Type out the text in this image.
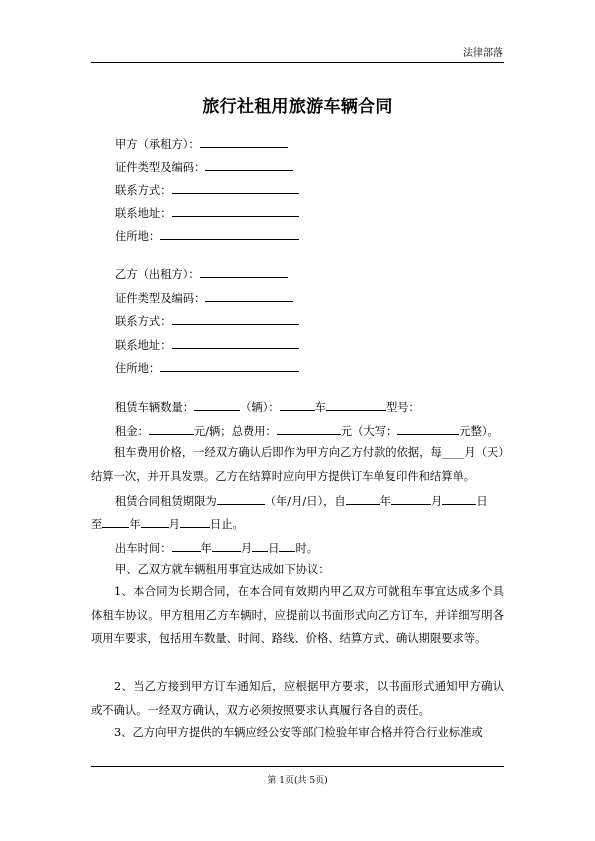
法律部落
旅行社租用旅游车辆合同
甲方（承租方）：
证件类型及编码：
联系方式：
联系地址：
住所地：
乙方（出租方）：
证件类型及编码：
联系方式：
联系地址：
住所地：
租赁车辆数量：	（辆）：	车	型号：
租金：	元/辆；总费用：	元（大写：	元整）。
租车费用价格，一经双方确认后即作为甲方向乙方付款的依据，每____月（天）结算一次，并开具发票。乙方在结算时应向甲方提供订车单复印件和结算单。
租赁合同租赁期限为	（年/月/日），自	年	月	日
至 年 月	日止。
出车时间：	年	月 日 时。
甲、乙双方就车辆租用事宜达成如下协议：
1、本合同为长期合同，在本合同有效期内甲乙双方可就租车事宜达成多个具体租车协议。甲方租用乙方车辆时，应提前以书面形式向乙方订车，并详细写明各项用车要求，包括用车数量、时间、路线、价格、结算方式、确认期限要求等。
2、当乙方接到甲方订车通知后，应根据甲方要求，以书面形式通知甲方确认或不确认。一经双方确认，双方必须按照要求认真履行各自的责任。
3、乙方向甲方提供的车辆应经公安等部门检验年审合格并符合行业标准或
第 1页(共 5页)
